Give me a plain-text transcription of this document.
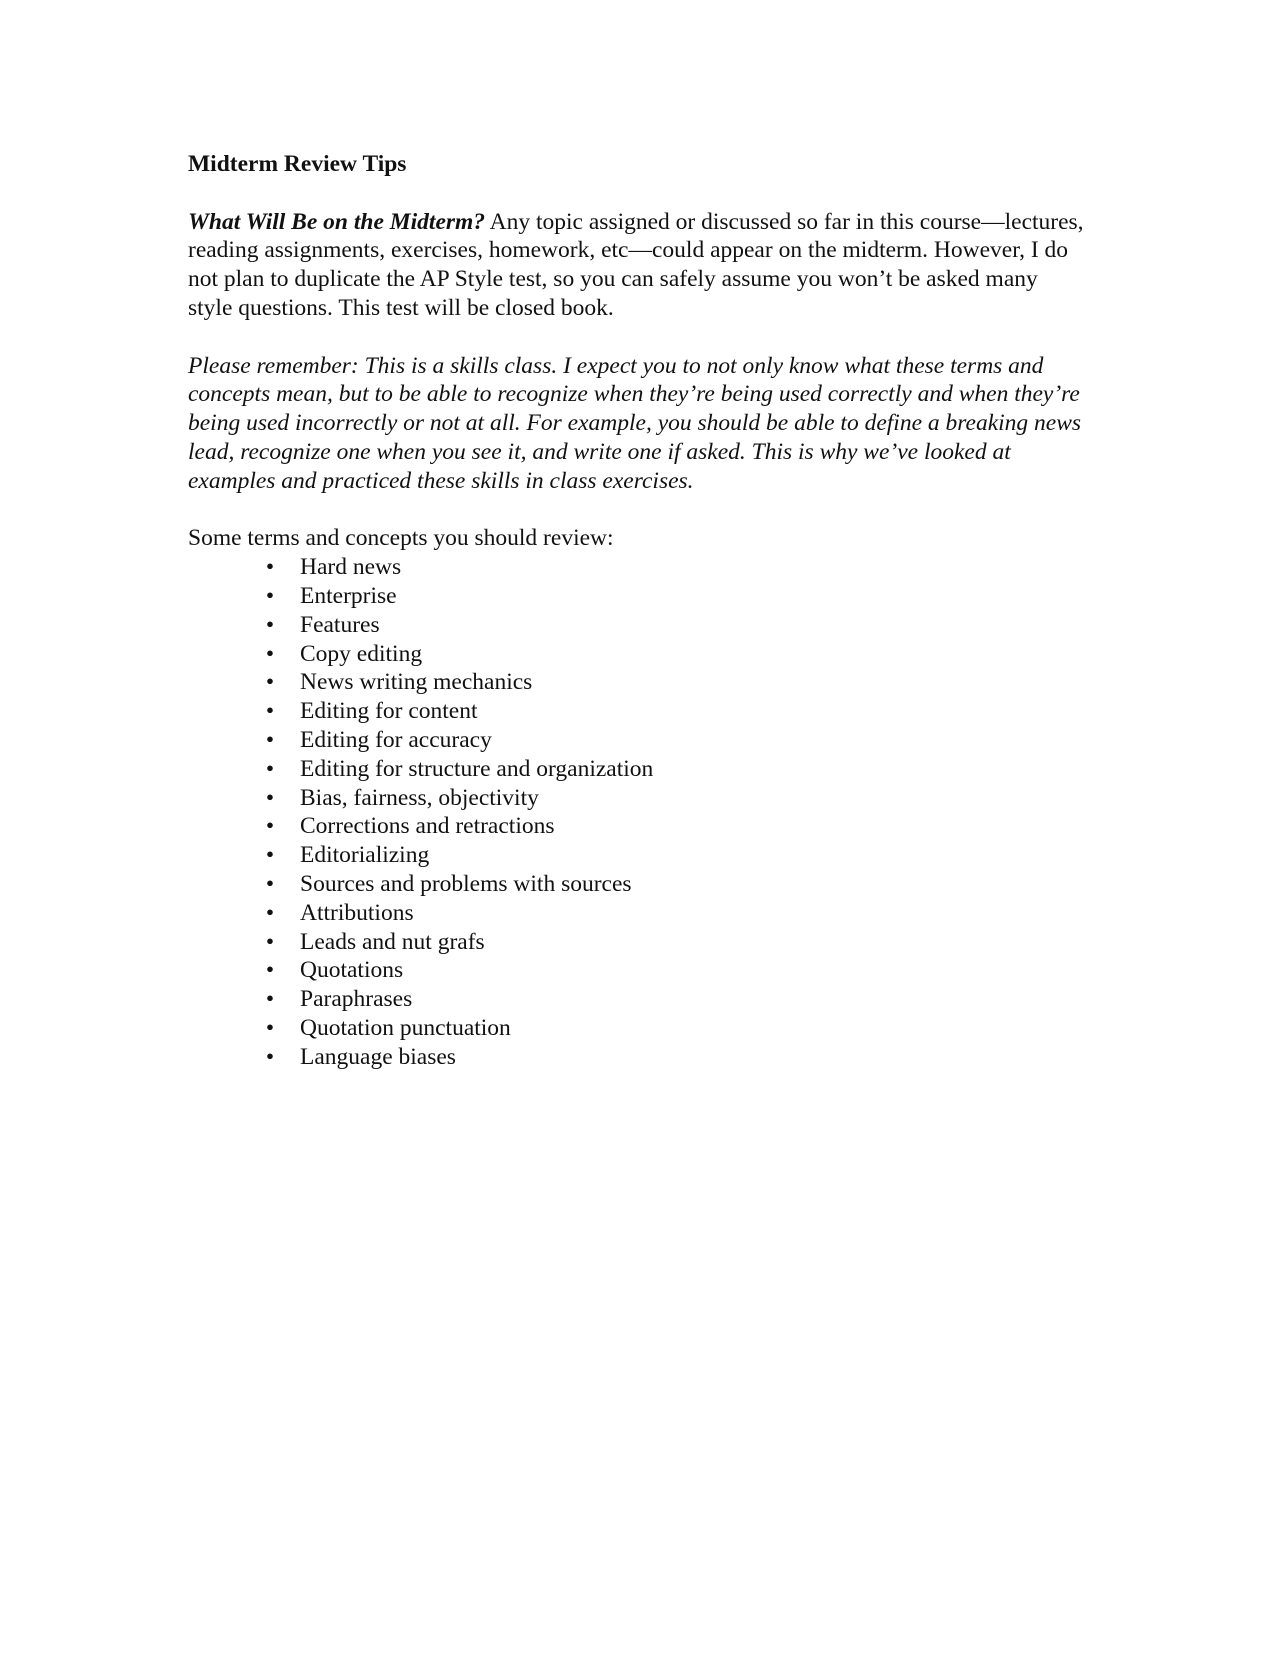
Midterm Review Tips

What Will Be on the Midterm? Any topic assigned or discussed so far in this course—lectures, reading assignments, exercises, homework, etc—could appear on the midterm. However, I do not plan to duplicate the AP Style test, so you can safely assume you won’t be asked many style questions. This test will be closed book.

Please remember: This is a skills class. I expect you to not only know what these terms and concepts mean, but to be able to recognize when they’re being used correctly and when they’re being used incorrectly or not at all. For example, you should be able to define a breaking news lead, recognize one when you see it, and write one if asked. This is why we’ve looked at examples and practiced these skills in class exercises.

Some terms and concepts you should review:

• Hard news
• Enterprise
• Features
• Copy editing
• News writing mechanics
• Editing for content
• Editing for accuracy
• Editing for structure and organization
• Bias, fairness, objectivity
• Corrections and retractions
• Editorializing
• Sources and problems with sources
• Attributions
• Leads and nut grafs
• Quotations
• Paraphrases
• Quotation punctuation
• Language biases
